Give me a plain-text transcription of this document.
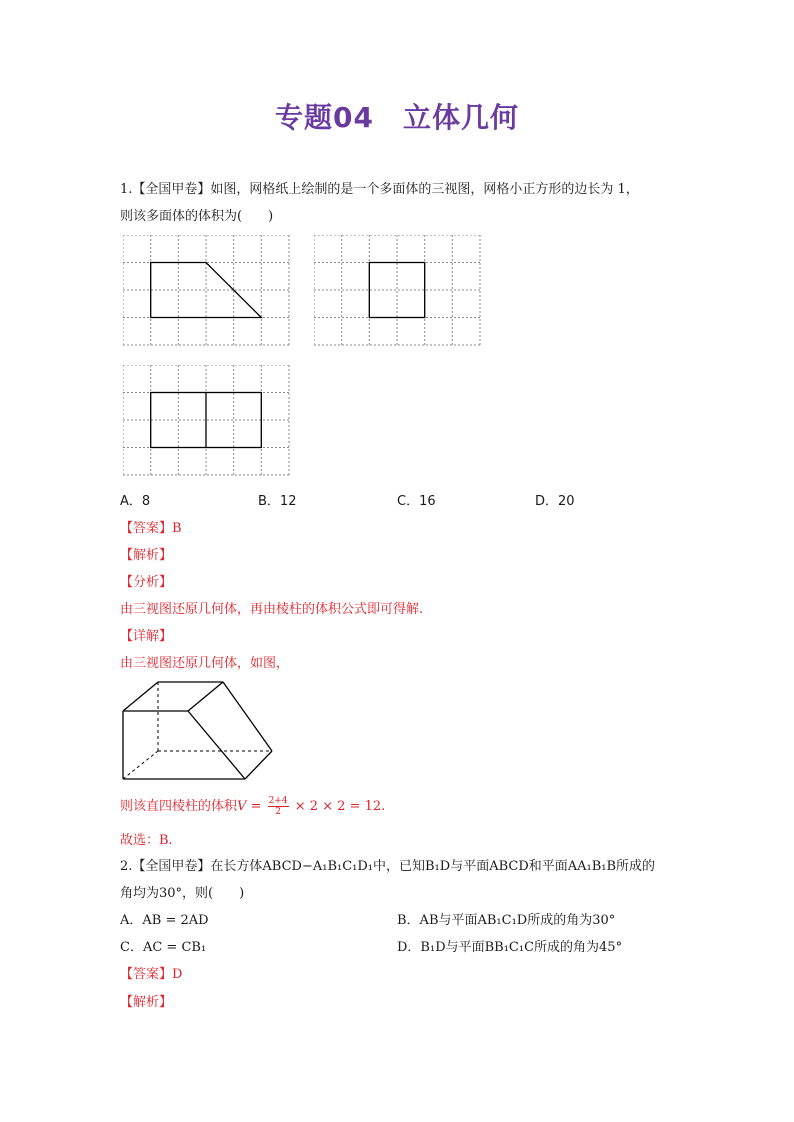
专题04　立体几何
1.【全国甲卷】如图，网格纸上绘制的是一个多面体的三视图，网格小正方形的边长为 1，
则该多面体的体积为(　　)
A．8	B．12	C．16	D．20
【答案】B
【解析】
【分析】
由三视图还原几何体，再由棱柱的体积公式即可得解.
【详解】
由三视图还原几何体，如图，
则该直四棱柱的体积$V = \frac{2+4}{2} \times 2 \times 2 = 12$.
故选：B.
2.【全国甲卷】在长方体ABCD−A₁B₁C₁D₁中，已知B₁D与平面ABCD和平面AA₁B₁B所成的
角均为30°，则(　　)
A．AB = 2AD	B．AB与平面AB₁C₁D所成的角为30°
C．AC = CB₁	D．B₁D与平面BB₁C₁C所成的角为45°
【答案】D
【解析】
